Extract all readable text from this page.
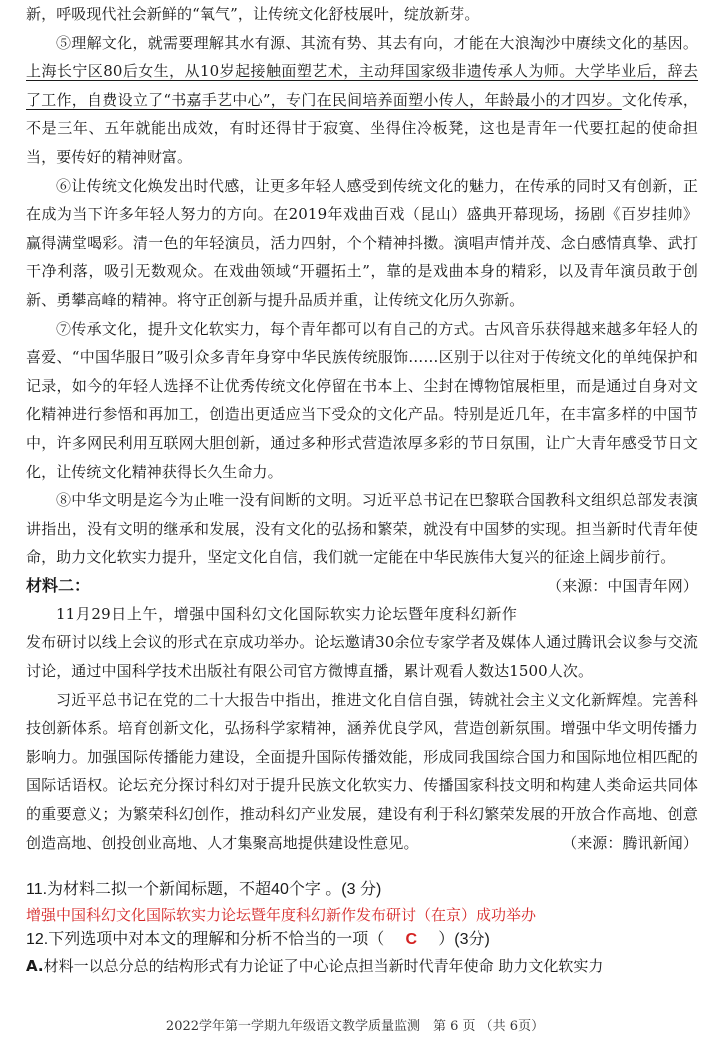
新，呼吸现代社会新鲜的“氧气”，让传统文化舒枝展叶，绽放新芽。

⑤理解文化，就需要理解其水有源、其流有势、其去有向，才能在大浪淘沙中赓续文化的基因。上海长宁区80后女生，从10岁起接触面塑艺术，主动拜国家级非遗传承人为师。大学毕业后，辞去了工作，自费设立了“书嘉手艺中心”，专门在民间培养面塑小传人，年龄最小的才四岁。文化传承，不是三年、五年就能出成效，有时还得甘于寂寞、坐得住冷板凳，这也是青年一代要扛起的使命担当，要传好的精神财富。

⑥让传统文化焕发出时代感，让更多年轻人感受到传统文化的魅力，在传承的同时又有创新，正在成为当下许多年轻人努力的方向。在2019年戏曲百戏（昆山）盛典开幕现场，扬剧《百岁挂帅》赢得满堂喝彩。清一色的年轻演员，活力四射，个个精神抖擞。演唱声情并茂、念白感情真挚、武打干净利落，吸引无数观众。在戏曲领域“开疆拓土”，靠的是戏曲本身的精彩，以及青年演员敢于创新、勇攀高峰的精神。将守正创新与提升品质并重，让传统文化历久弥新。

⑦传承文化，提升文化软实力，每个青年都可以有自己的方式。古风音乐获得越来越多年轻人的喜爱、“中国华服日”吸引众多青年身穿中华民族传统服饰……区别于以往对于传统文化的单纯保护和记录，如今的年轻人选择不让优秀传统文化停留在书本上、尘封在博物馆展柜里，而是通过自身对文化精神进行参悟和再加工，创造出更适应当下受众的文化产品。特别是近几年，在丰富多样的中国节中，许多网民利用互联网大胆创新，通过多种形式营造浓厚多彩的节日氛围，让广大青年感受节日文化，让传统文化精神获得长久生命力。

⑧中华文明是迄今为止唯一没有间断的文明。习近平总书记在巴黎联合国教科文组织总部发表演讲指出，没有文明的继承和发展，没有文化的弘扬和繁荣，就没有中国梦的实现。担当新时代青年使命，助力文化软实力提升，坚定文化自信，我们就一定能在中华民族伟大复兴的征途上阔步前行。
（来源：中国青年网）

材料二：

11月29日上午，增强中国科幻文化国际软实力论坛暨年度科幻新作发布研讨以线上会议的形式在京成功举办。论坛邀请30余位专家学者及媒体人通过腾讯会议参与交流讨论，通过中国科学技术出版社有限公司官方微博直播，累计观看人数达1500人次。

习近平总书记在党的二十大报告中指出，推进文化自信自强，铸就社会主义文化新辉煌。完善科技创新体系。培育创新文化，弘扬科学家精神，涵养优良学风，营造创新氛围。增强中华文明传播力影响力。加强国际传播能力建设，全面提升国际传播效能，形成同我国综合国力和国际地位相匹配的国际话语权。论坛充分探讨科幻对于提升民族文化软实力、传播国家科技文明和构建人类命运共同体的重要意义；为繁荣科幻创作，推动科幻产业发展，建设有利于科幻繁荣发展的开放合作高地、创意创造高地、创投创业高地、人才集聚高地提供建设性意见。	（来源：腾讯新闻）

11.为材料二拟一个新闻标题，不超40个字 。(3 分)

增强中国科幻文化国际软实力论坛暨年度科幻新作发布研讨（在京）成功举办

12.下列选项中对本文的理解和分析不恰当的一项（ C ）(3分)

A.材料一以总分总的结构形式有力论证了中心论点担当新时代青年使命 助力文化软实力

2022学年第一学期九年级语文教学质量监测　第 6 页 （共 6页）
